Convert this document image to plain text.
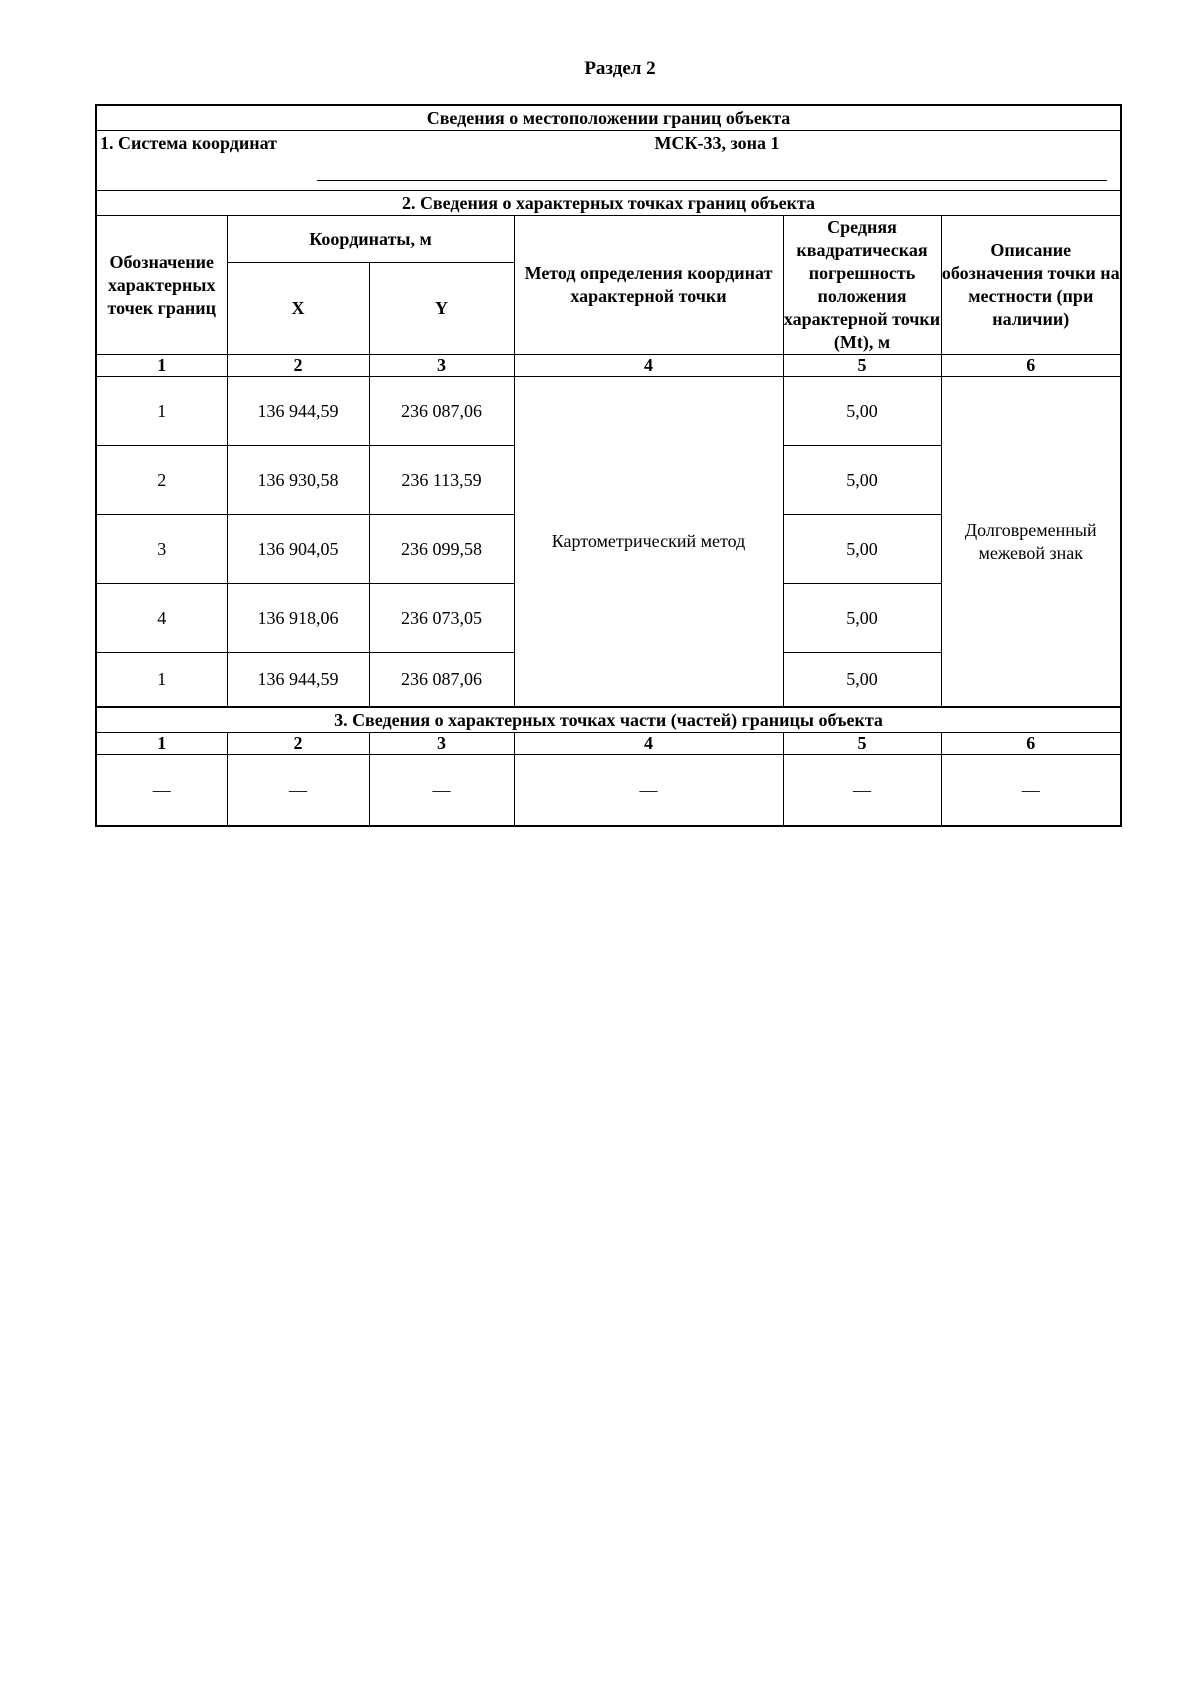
Раздел 2
Сведения о местоположении границ объекта
1. Система координат	МСК-33, зона 1
2. Сведения о характерных точках границ объекта
Обозначение характерных точек границ	Координаты, м		Метод определения координат характерной точки	Средняя квадратическая погрешность положения характерной точки (Mt), м	Описание обозначения точки на местности (при наличии)
	X	Y			
1	2	3	4	5	6
1	136 944,59	236 087,06	Картометрический метод	5,00	Долговременный межевой знак
2	136 930,58	236 113,59		5,00	
3	136 904,05	236 099,58		5,00	
4	136 918,06	236 073,05		5,00	
1	136 944,59	236 087,06		5,00	
3. Сведения о характерных точках части (частей) границы объекта
1	2	3	4	5	6
—	—	—	—	—	—
